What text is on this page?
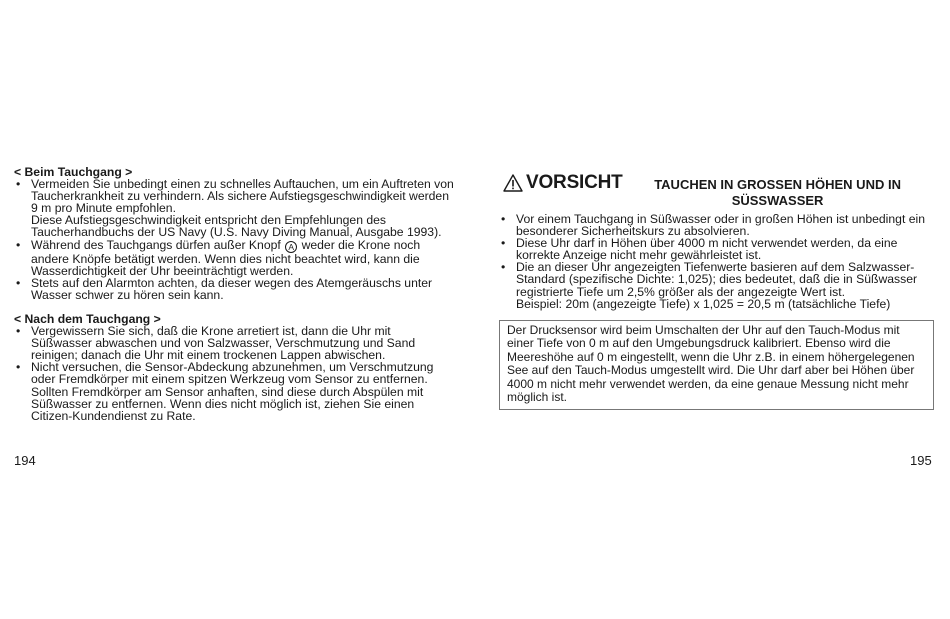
< Beim Tauchgang >

• Vermeiden Sie unbedingt einen zu schnelles Auftauchen, um ein Auftreten von Taucherkrankheit zu verhindern. Als sichere Aufstiegsgeschwindigkeit werden 9 m pro Minute empfohlen.
Diese Aufstiegsgeschwindigkeit entspricht den Empfehlungen des Taucherhandbuchs der US Navy (U.S. Navy Diving Manual, Ausgabe 1993).
• Während des Tauchgangs dürfen außer Knopf A weder die Krone noch andere Knöpfe betätigt werden. Wenn dies nicht beachtet wird, kann die Wasserdichtigkeit der Uhr beeinträchtigt werden.
• Stets auf den Alarmton achten, da dieser wegen des Atemgeräuschs unter Wasser schwer zu hören sein kann.

< Nach dem Tauchgang >

• Vergewissern Sie sich, daß die Krone arretiert ist, dann die Uhr mit Süßwasser abwaschen und von Salzwasser, Verschmutzung und Sand reinigen; danach die Uhr mit einem trockenen Lappen abwischen.
• Nicht versuchen, die Sensor-Abdeckung abzunehmen, um Verschmutzung oder Fremdkörper mit einem spitzen Werkzeug vom Sensor zu entfernen. Sollten Fremdkörper am Sensor anhaften, sind diese durch Abspülen mit Süßwasser zu entfernen. Wenn dies nicht möglich ist, ziehen Sie einen Citizen-Kundendienst zu Rate.
194
VORSICHT	TAUCHEN IN GROSSEN HÖHEN UND IN SÜSSWASSER
• Vor einem Tauchgang in Süßwasser oder in großen Höhen ist unbedingt ein besonderer Sicherheitskurs zu absolvieren.
• Diese Uhr darf in Höhen über 4000 m nicht verwendet werden, da eine korrekte Anzeige nicht mehr gewährleistet ist.
• Die an dieser Uhr angezeigten Tiefenwerte basieren auf dem Salzwasser-Standard (spezifische Dichte: 1,025); dies bedeutet, daß die in Süßwasser registrierte Tiefe um 2,5% größer als der angezeigte Wert ist.
Beispiel: 20m (angezeigte Tiefe) x 1,025 = 20,5 m (tatsächliche Tiefe)
Der Drucksensor wird beim Umschalten der Uhr auf den Tauch-Modus mit einer Tiefe von 0 m auf den Umgebungsdruck kalibriert. Ebenso wird die Meereshöhe auf 0 m eingestellt, wenn die Uhr z.B. in einem höhergelegenen See auf den Tauch-Modus umgestellt wird. Die Uhr darf aber bei Höhen über 4000 m nicht mehr verwendet werden, da eine genaue Messung nicht mehr möglich ist.
195
